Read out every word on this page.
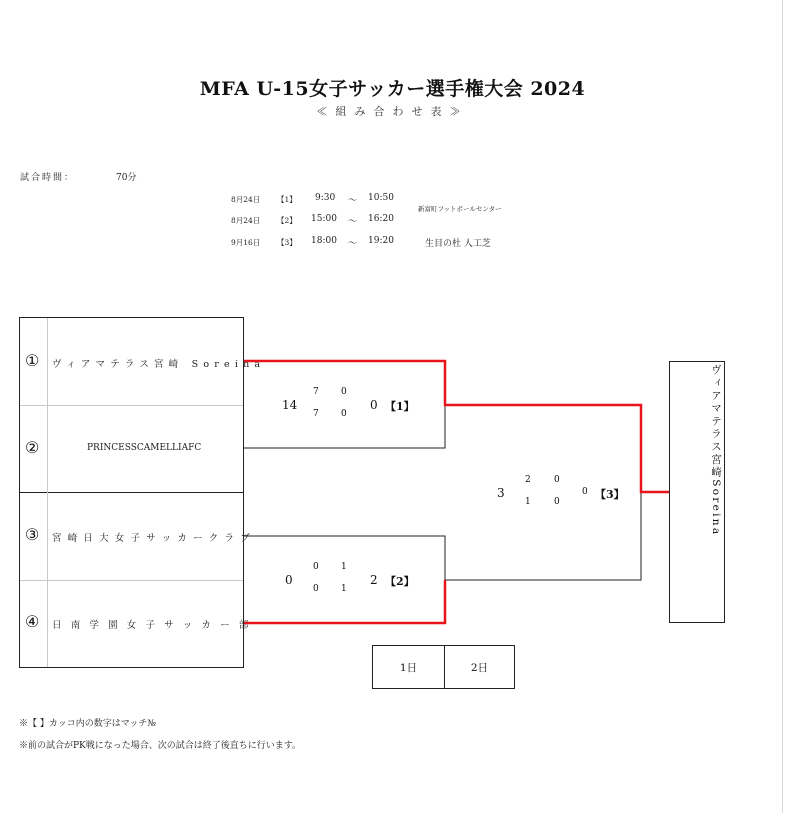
MFA U-15女子サッカー選手権大会 2024
≪組み合わせ表≫
試合時間：	70分
8月24日 【1】 9:30 ～ 10:50
8月24日 【2】 15:00 ～ 16:20
9月16日 【3】 18:00 ～ 19:20
新富町フットボールセンター
生目の杜 人工芝
① ヴィアマテラス宮崎 Soreina
②	PRINCESSCAMELLIAFC
③ 宮崎日大女子サッカークラブ
④ 日南学園女子サッカー部
14
7 0
7 0
0 【1】
0
0 1
0 1
2 【2】
3
2	0
1	0
0 【3】	ヴィアマテラス宮崎Soreina
1日	2日
※【 】カッコ内の数字はマッチ№
※前の試合がPK戦になった場合、次の試合は終了後直ちに行います。
